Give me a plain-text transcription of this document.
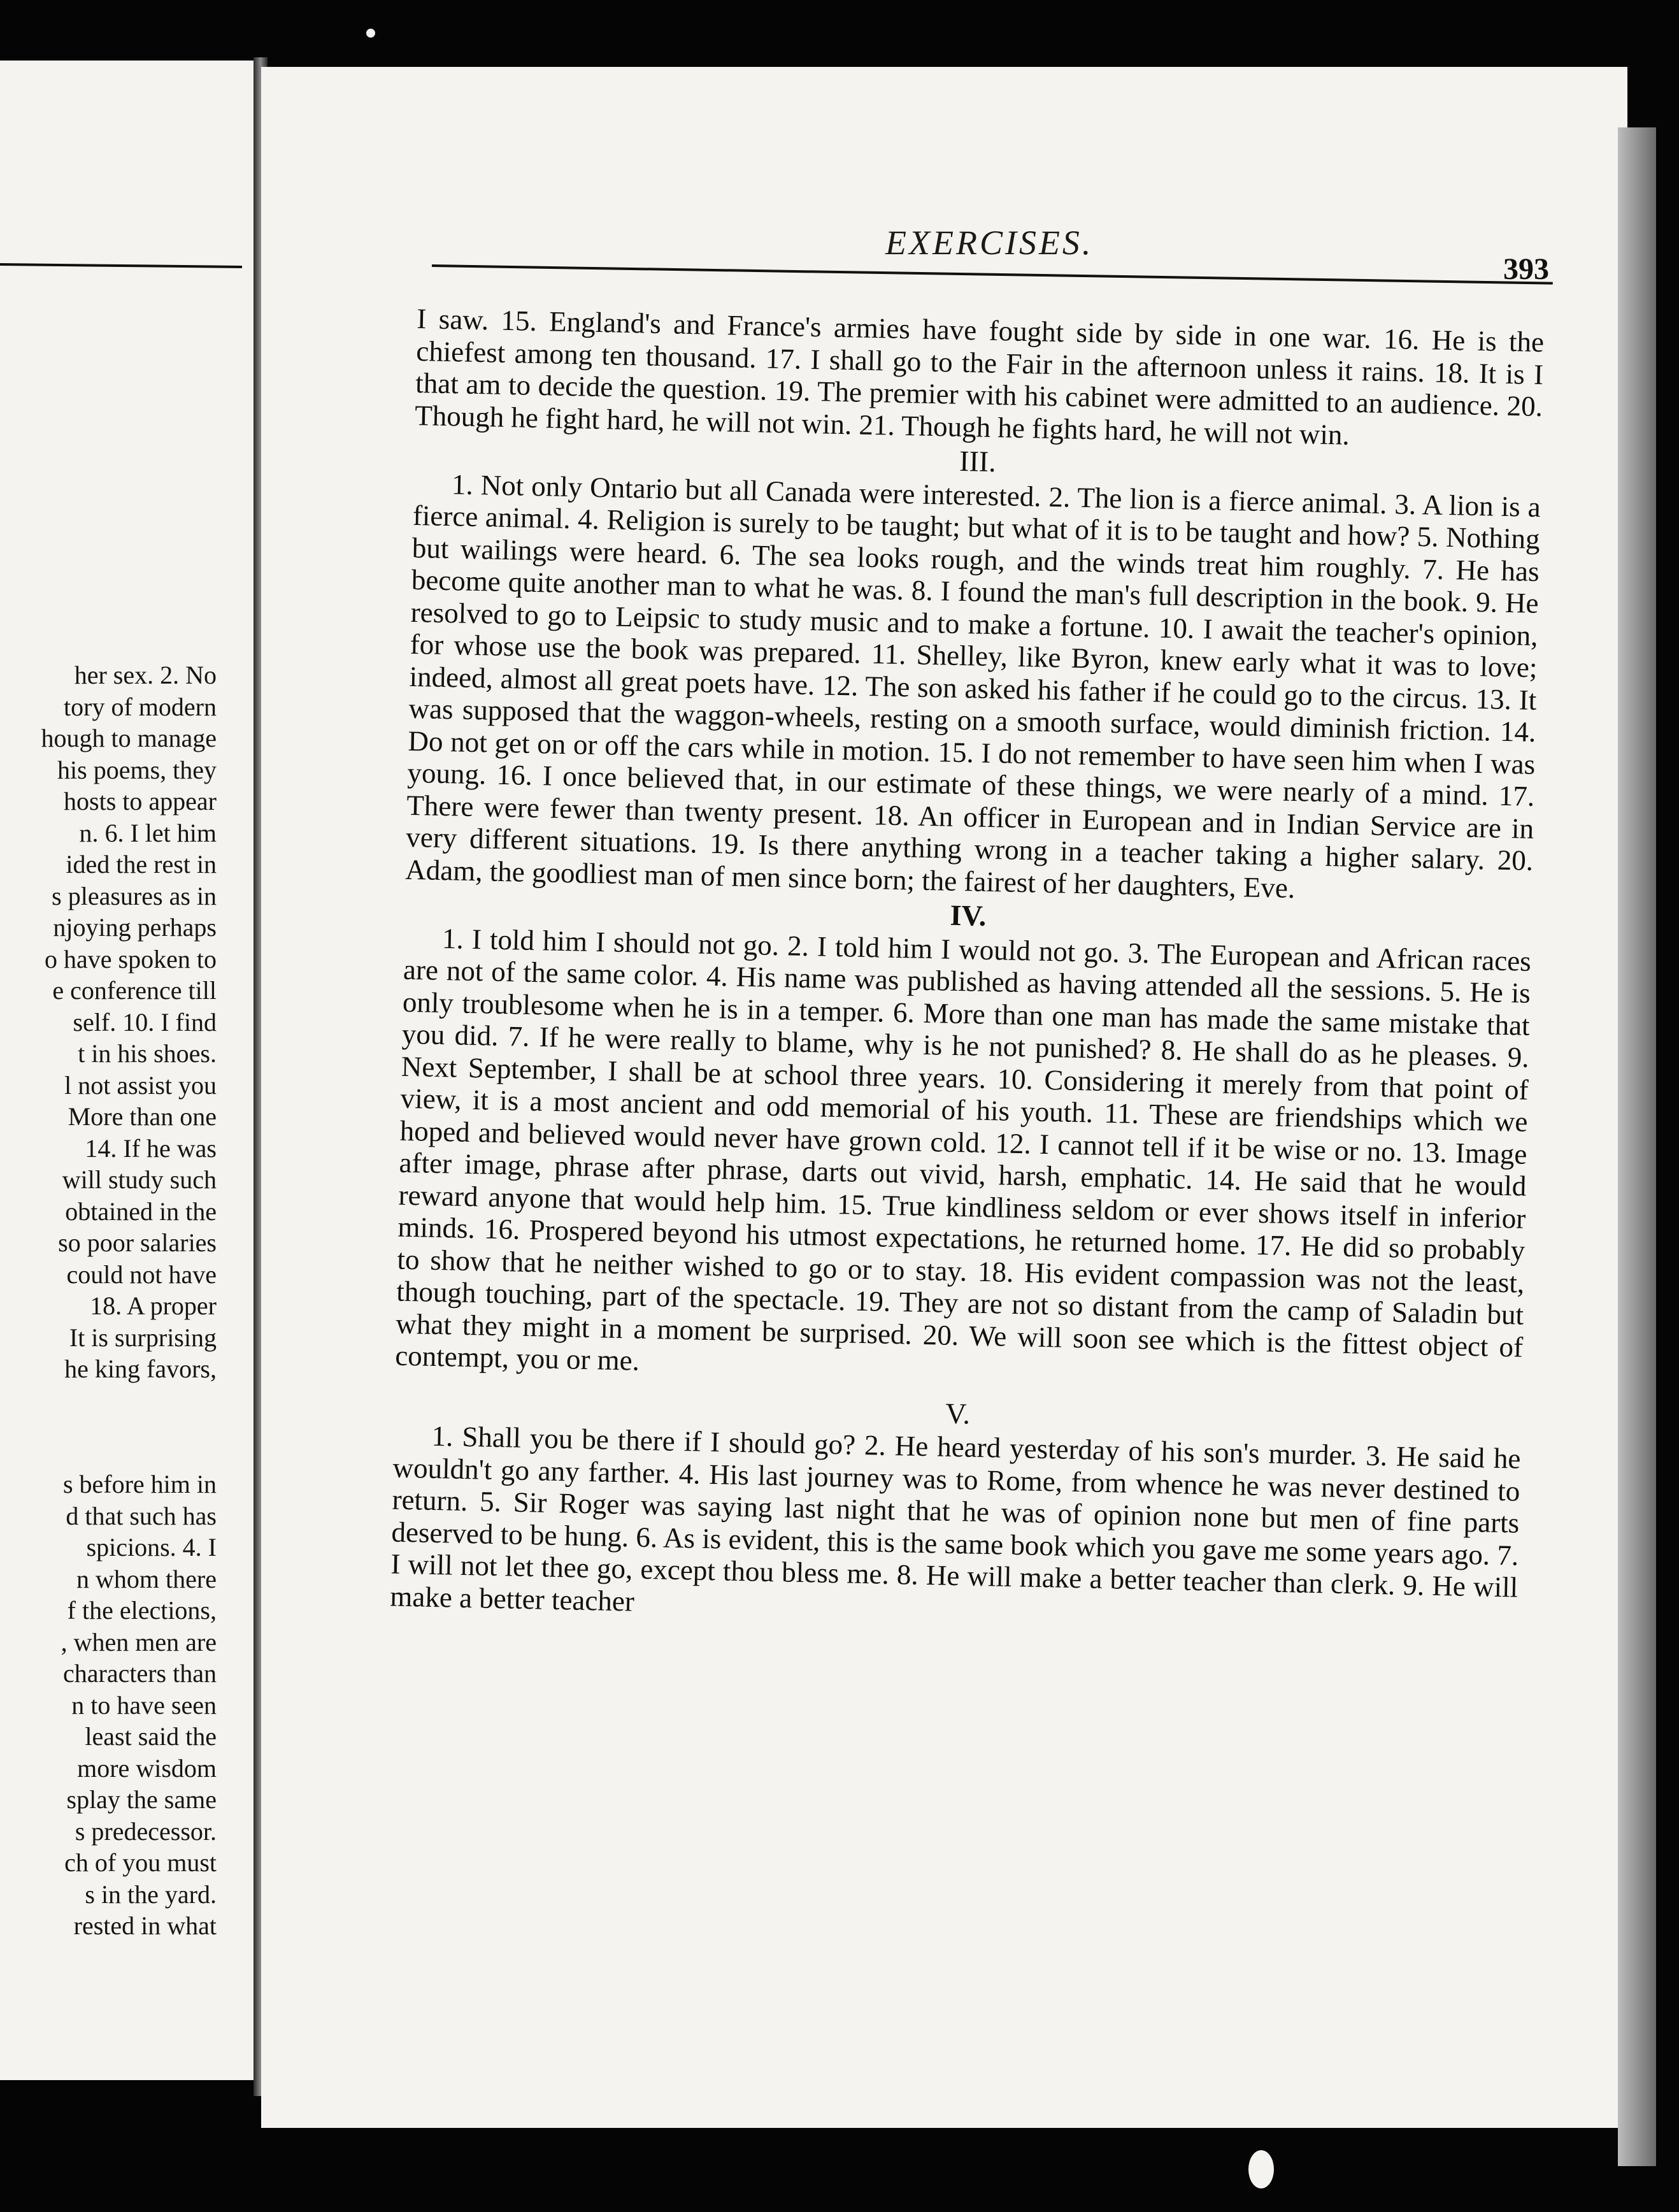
her sex. 2. No
tory of modern
hough to manage
his poems, they
hosts to appear
n. 6. I let him
ided the rest in
s pleasures as in
njoying perhaps
o have spoken to
e conference till
self. 10. I find
t in his shoes.
l not assist you
More than one
14. If he was
will study such
obtained in the
so poor salaries
could not have
18. A proper
It is surprising
he king favors,
s before him in
d that such has
spicions. 4. I
n whom there
f the elections,
, when men are
characters than
n to have seen
least said the
more wisdom
splay the same
s predecessor.
ch of you must
s in the yard.
rested in what
EXERCISES.
393

I saw. 15. England's and France's armies have fought side by side in one war. 16. He is the chiefest among ten thousand. 17. I shall go to the Fair in the afternoon unless it rains. 18. It is I that am to decide the question. 19. The premier with his cabinet were admitted to an audience. 20. Though he fight hard, he will not win. 21. Though he fights hard, he will not win.

III.

1. Not only Ontario but all Canada were interested. 2. The lion is a fierce animal. 3. A lion is a fierce animal. 4. Religion is surely to be taught; but what of it is to be taught and how? 5. Nothing but wailings were heard. 6. The sea looks rough, and the winds treat him roughly. 7. He has become quite another man to what he was. 8. I found the man's full description in the book. 9. He resolved to go to Leipsic to study music and to make a fortune. 10. I await the teacher's opinion, for whose use the book was prepared. 11. Shelley, like Byron, knew early what it was to love; indeed, almost all great poets have. 12. The son asked his father if he could go to the circus. 13. It was supposed that the waggon-wheels, resting on a smooth surface, would diminish friction. 14. Do not get on or off the cars while in motion. 15. I do not remember to have seen him when I was young. 16. I once believed that, in our estimate of these things, we were nearly of a mind. 17. There were fewer than twenty present. 18. An officer in European and in Indian Service are in very different situations. 19. Is there anything wrong in a teacher taking a higher salary. 20. Adam, the goodliest man of men since born; the fairest of her daughters, Eve.

IV.

1. I told him I should not go. 2. I told him I would not go. 3. The European and African races are not of the same color. 4. His name was published as having attended all the sessions. 5. He is only troublesome when he is in a temper. 6. More than one man has made the same mistake that you did. 7. If he were really to blame, why is he not punished? 8. He shall do as he pleases. 9. Next September, I shall be at school three years. 10. Considering it merely from that point of view, it is a most ancient and odd memorial of his youth. 11. These are friendships which we hoped and believed would never have grown cold. 12. I cannot tell if it be wise or no. 13. Image after image, phrase after phrase, darts out vivid, harsh, emphatic. 14. He said that he would reward anyone that would help him. 15. True kindliness seldom or ever shows itself in inferior minds. 16. Prospered beyond his utmost expectations, he returned home. 17. He did so probably to show that he neither wished to go or to stay. 18. His evident compassion was not the least, though touching, part of the spectacle. 19. They are not so distant from the camp of Saladin but what they might in a moment be surprised. 20. We will soon see which is the fittest object of contempt, you or me.

V.

1. Shall you be there if I should go? 2. He heard yesterday of his son's murder. 3. He said he wouldn't go any farther. 4. His last journey was to Rome, from whence he was never destined to return. 5. Sir Roger was saying last night that he was of opinion none but men of fine parts deserved to be hung. 6. As is evident, this is the same book which you gave me some years ago. 7. I will not let thee go, except thou bless me. 8. He will make a better teacher than clerk. 9. He will make a better teacher
